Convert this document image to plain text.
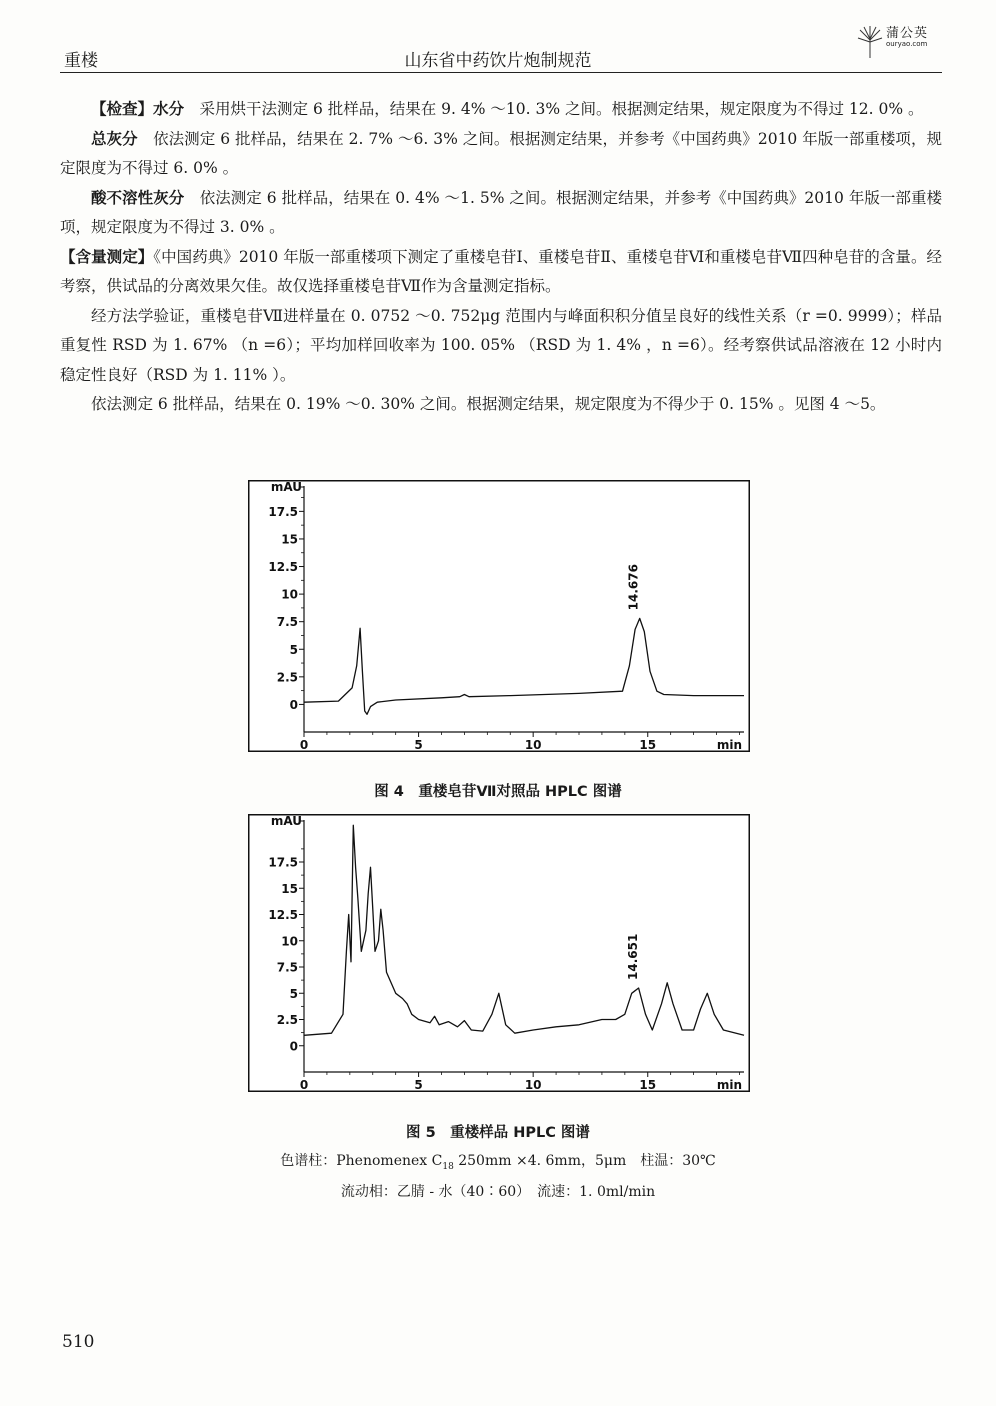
重楼	山东省中药饮片炮制规范
蒲公英
ouryao.com

【检查】水分　 采用烘干法测定 6 批样品，结果在 9. 4% ～10. 3% 之间。根据测定结果，规定限度为不得过 12. 0% 。

总灰分　 依法测定 6 批样品，结果在 2. 7% ～6. 3% 之间。根据测定结果，并参考《中国药典》2010 年版一部重楼项，规定限度为不得过 6. 0% 。

酸不溶性灰分　 依法测定 6 批样品，结果在 0. 4% ～1. 5% 之间。根据测定结果，并参考《中国药典》2010 年版一部重楼项，规定限度为不得过 3. 0% 。

【含量测定】《中国药典》2010 年版一部重楼项下测定了重楼皂苷Ⅰ、重楼皂苷Ⅱ、重楼皂苷Ⅵ和重楼皂苷Ⅶ四种皂苷的含量。经考察，供试品的分离效果欠佳。故仅选择重楼皂苷Ⅶ作为含量测定指标。

经方法学验证，重楼皂苷Ⅶ进样量在 0. 0752 ～0. 752μg 范围内与峰面积积分值呈良好的线性关系（r =0. 9999）；样品重复性 RSD 为 1. 67% （n =6）；平均加样回收率为 100. 05% （RSD 为 1. 4% ，n =6）。经考察供试品溶液在 12 小时内稳定性良好（RSD 为 1. 11% ）。

依法测定 6 批样品，结果在 0. 19% ～0. 30% 之间。根据测定结果，规定限度为不得少于 0. 15% 。见图 4 ～5。

mAU
0
2.5
5
7.5
10
12.5
15
17.5
0	5	10	15	min
14.676
图 4　重楼皂苷Ⅶ对照品 HPLC 图谱
mAU
0
2.5
5
7.5
10
12.5
15
17.5
0	5	10	15	min
14.651
图 5　重楼样品 HPLC 图谱
色谱柱：Phenomenex $C_{18}$ 250mm ×4. 6mm，5μm　柱温：30℃
流动相：乙腈 - 水（40∶60）　流速：1. 0ml/min
510
